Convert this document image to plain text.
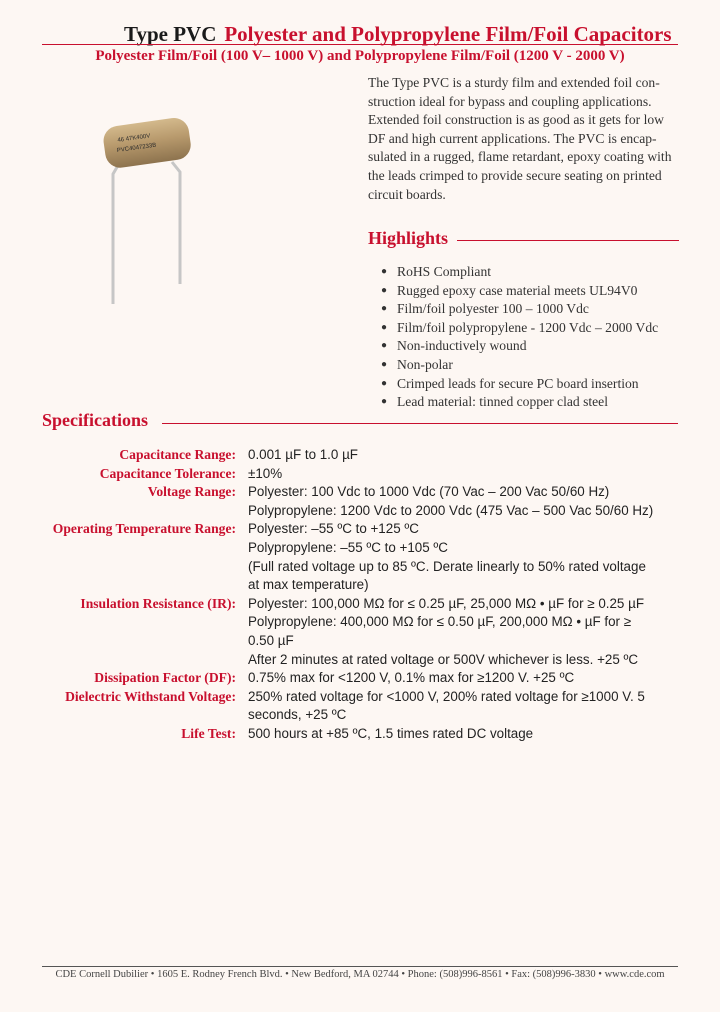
Type PVC Polyester and Polypropylene Film/Foil Capacitors
Polyester Film/Foil (100 V– 1000 V) and Polypropylene Film/Foil (1200 V - 2000 V)
46 47K400V
PVC4047233B
The Type PVC is a sturdy film and extended foil con-
struction ideal for bypass and coupling applications.
Extended foil construction is as good as it gets for low
DF and high current applications. The PVC is encap-
sulated in a rugged, flame retardant, epoxy coating with
the leads crimped to provide secure seating on printed
circuit boards.
Highlights
● RoHS Compliant
● Rugged epoxy case material meets UL94V0
● Film/foil polyester 100 – 1000 Vdc
● Film/foil polypropylene - 1200 Vdc – 2000 Vdc
● Non-inductively wound
● Non-polar
● Crimped leads for secure PC board insertion
● Lead material: tinned copper clad steel
Specifications
Capacitance Range: 0.001 µF to 1.0 µF
Capacitance Tolerance: ±10%
Voltage Range: Polyester: 100 Vdc to 1000 Vdc (70 Vac – 200 Vac 50/60 Hz)
Polypropylene: 1200 Vdc to 2000 Vdc (475 Vac – 500 Vac 50/60 Hz)
Operating Temperature Range: Polyester: –55 ºC to +125 ºC
Polypropylene: –55 ºC to +105 ºC
(Full rated voltage up to 85 ºC. Derate linearly to 50% rated voltage
at max temperature)
Insulation Resistance (IR): Polyester: 100,000 MΩ for ≤ 0.25 µF, 25,000 MΩ • µF for ≥ 0.25 µF
Polypropylene: 400,000 MΩ for ≤ 0.50 µF, 200,000 MΩ • µF for ≥
0.50 µF
After 2 minutes at rated voltage or 500V whichever is less. +25 ºC
Dissipation Factor (DF): 0.75% max for <1200 V, 0.1% max for ≥1200 V. +25 ºC
Dielectric Withstand Voltage: 250% rated voltage for <1000 V, 200% rated voltage for ≥1000 V. 5
seconds, +25 ºC
Life Test: 500 hours at +85 ºC, 1.5 times rated DC voltage
CDE Cornell Dubilier • 1605 E. Rodney French Blvd. • New Bedford, MA 02744 • Phone: (508)996-8561 • Fax: (508)996-3830 • www.cde.com
